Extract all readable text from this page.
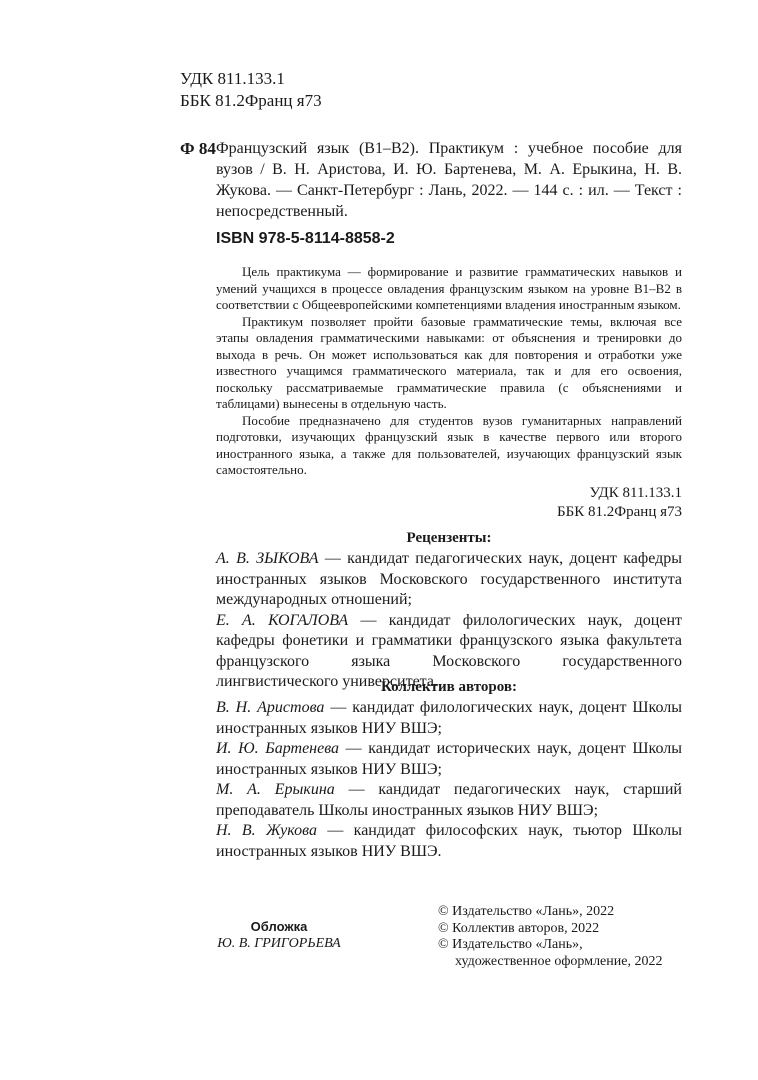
УДК 811.133.1
ББК 81.2Франц я73
Ф 84 Французский язык (В1–В2). Практикум : учебное пособие для вузов / В. Н. Аристова, И. Ю. Бартенева, М. А. Ерыкина, Н. В. Жукова. — Санкт-Петербург : Лань, 2022. — 144 с. : ил. — Текст : непосредственный.
ISBN 978-5-8114-8858-2

Цель практикума — формирование и развитие грамматических навыков и умений учащихся в процессе овладения французским языком на уровне В1–В2 в соответствии с Общеевропейскими компетенциями владения иностранным языком.

Практикум позволяет пройти базовые грамматические темы, включая все этапы овладения грамматическими навыками: от объяснения и тренировки до выхода в речь. Он может использоваться как для повторения и отработки уже известного учащимся грамматического материала, так и для его освоения, поскольку рассматриваемые грамматические правила (с объяснениями и таблицами) вынесены в отдельную часть.

Пособие предназначено для студентов вузов гуманитарных направлений подготовки, изучающих французский язык в качестве первого или второго иностранного языка, а также для пользователей, изучающих французский язык самостоятельно.

УДК 811.133.1
ББК 81.2Франц я73
Рецензенты:

А. В. ЗЫКОВА — кандидат педагогических наук, доцент кафедры иностранных языков Московского государственного института международных отношений;

Е. А. КОГАЛОВА — кандидат филологических наук, доцент кафедры фонетики и грамматики французского языка факультета французского языка Московского государственного лингвистического университета.

Коллектив авторов:

В. Н. Аристова — кандидат филологических наук, доцент Школы иностранных языков НИУ ВШЭ;

И. Ю. Бартенева — кандидат исторических наук, доцент Школы иностранных языков НИУ ВШЭ;

М. А. Ерыкина — кандидат педагогических наук, старший преподаватель Школы иностранных языков НИУ ВШЭ;

Н. В. Жукова — кандидат философских наук, тьютор Школы иностранных языков НИУ ВШЭ.

Обложка
Ю. В. ГРИГОРЬЕВА
© Издательство «Лань», 2022
© Коллектив авторов, 2022
© Издательство «Лань»,
художественное оформление, 2022
